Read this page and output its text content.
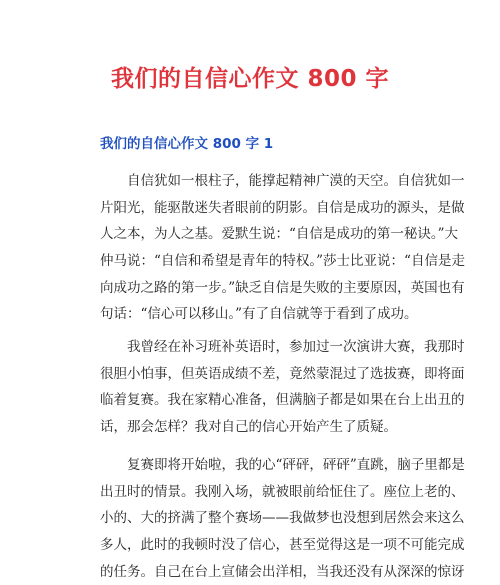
我们的自信心作文 800 字
我们的自信心作文 800 字 1
自信犹如一根柱子，能撑起精神广漠的天空。自信犹如一
片阳光，能驱散迷失者眼前的阴影。自信是成功的源头，是做
人之本，为人之基。爱默生说：“自信是成功的第一秘诀。”大
仲马说：“自信和希望是青年的特权。”莎士比亚说：“自信是走
向成功之路的第一步。”缺乏自信是失败的主要原因，英国也有
句话：“信心可以移山。”有了自信就等于看到了成功。
我曾经在补习班补英语时，参加过一次演讲大赛，我那时
很胆小怕事，但英语成绩不差，竟然蒙混过了选拔赛，即将面
临着复赛。我在家精心准备，但满脑子都是如果在台上出丑的
话，那会怎样？我对自己的信心开始产生了质疑。
复赛即将开始啦，我的心“砰砰，砰砰”直跳，脑子里都是
出丑时的情景。我刚入场，就被眼前给怔住了。座位上老的、
小的、大的挤满了整个赛场——我做梦也没想到居然会来这么
多人，此时的我顿时没了信心，甚至觉得这是一项不可能完成
的任务。自己在台上宣储会出洋相，当我还没有从深深的惊讶
